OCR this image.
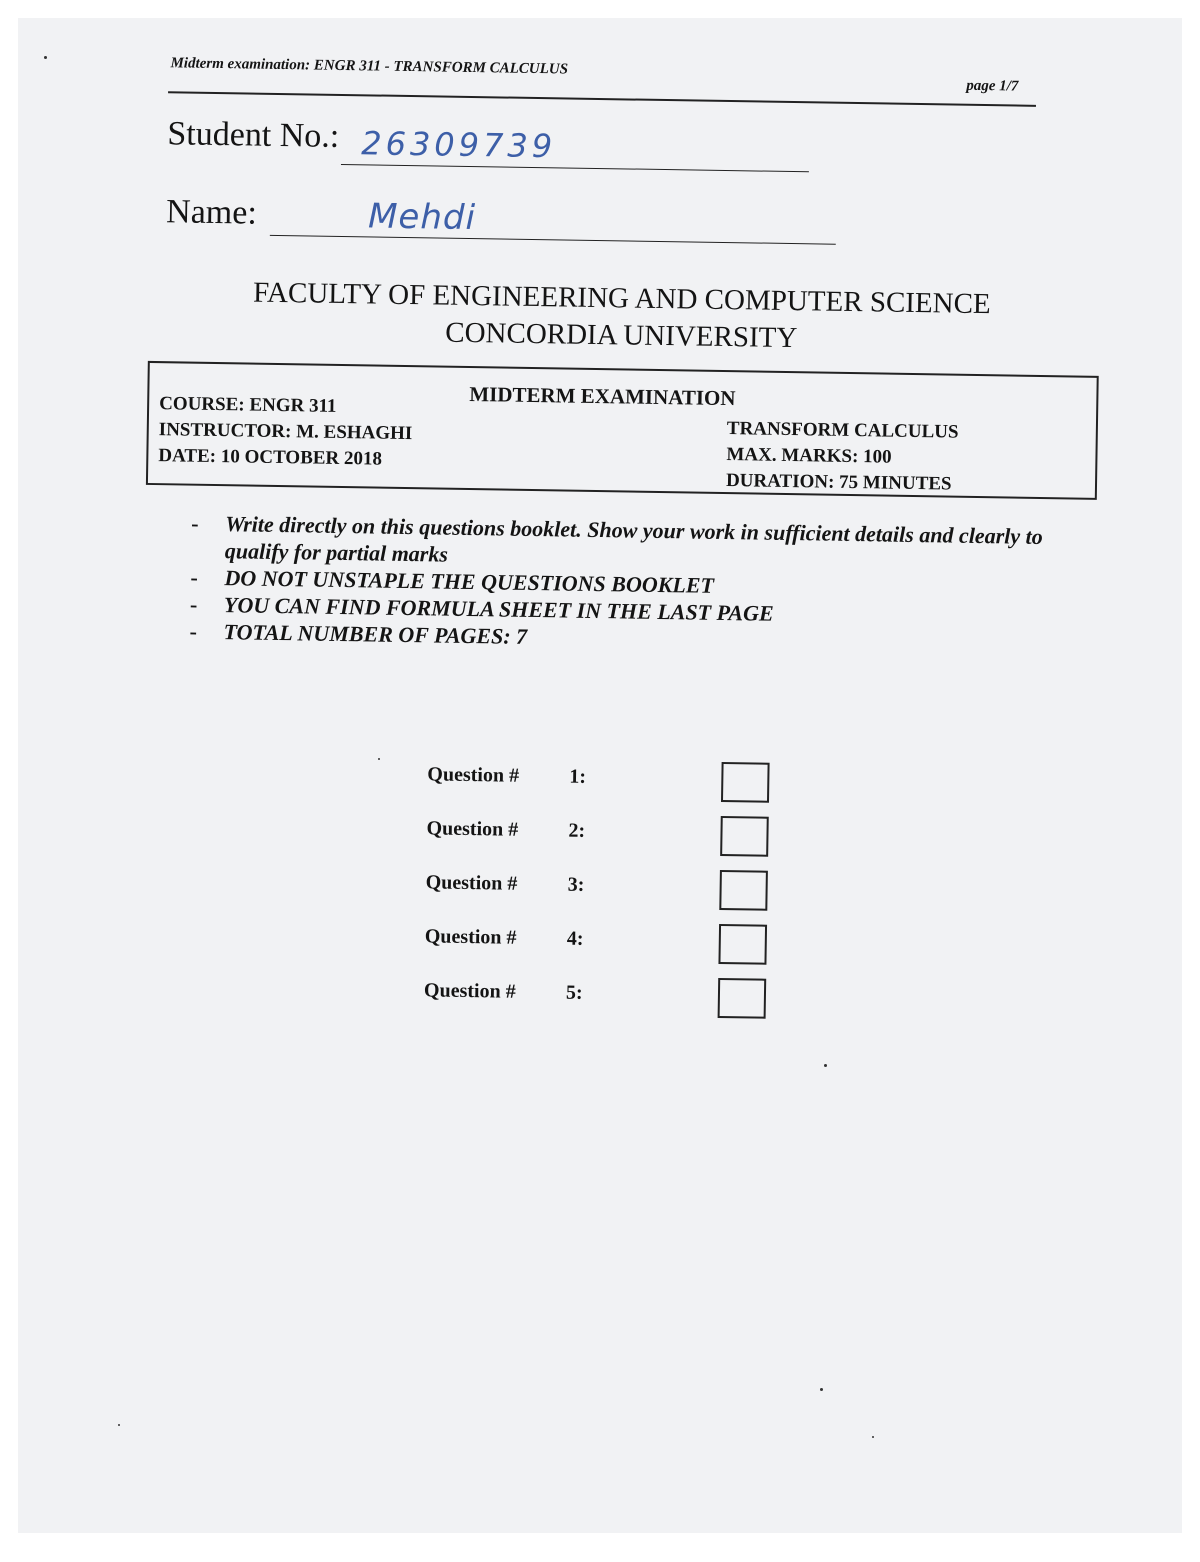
Midterm examination: ENGR 311 - TRANSFORM CALCULUS
page 1/7
Student No.: 26309739
Name:	Mehdi
FACULTY OF ENGINEERING AND COMPUTER SCIENCE
CONCORDIA UNIVERSITY
MIDTERM EXAMINATION
COURSE: ENGR 311
INSTRUCTOR: M. ESHAGHI
DATE: 10 OCTOBER 2018
TRANSFORM CALCULUS
MAX. MARKS: 100
DURATION: 75 MINUTES
- Write directly on this questions booklet. Show your work in sufficient details and clearly to qualify for partial marks
- DO NOT UNSTAPLE THE QUESTIONS BOOKLET
- YOU CAN FIND FORMULA SHEET IN THE LAST PAGE
- TOTAL NUMBER OF PAGES: 7
Question # 1:
Question # 2:
Question # 3:
Question # 4:
Question # 5:
